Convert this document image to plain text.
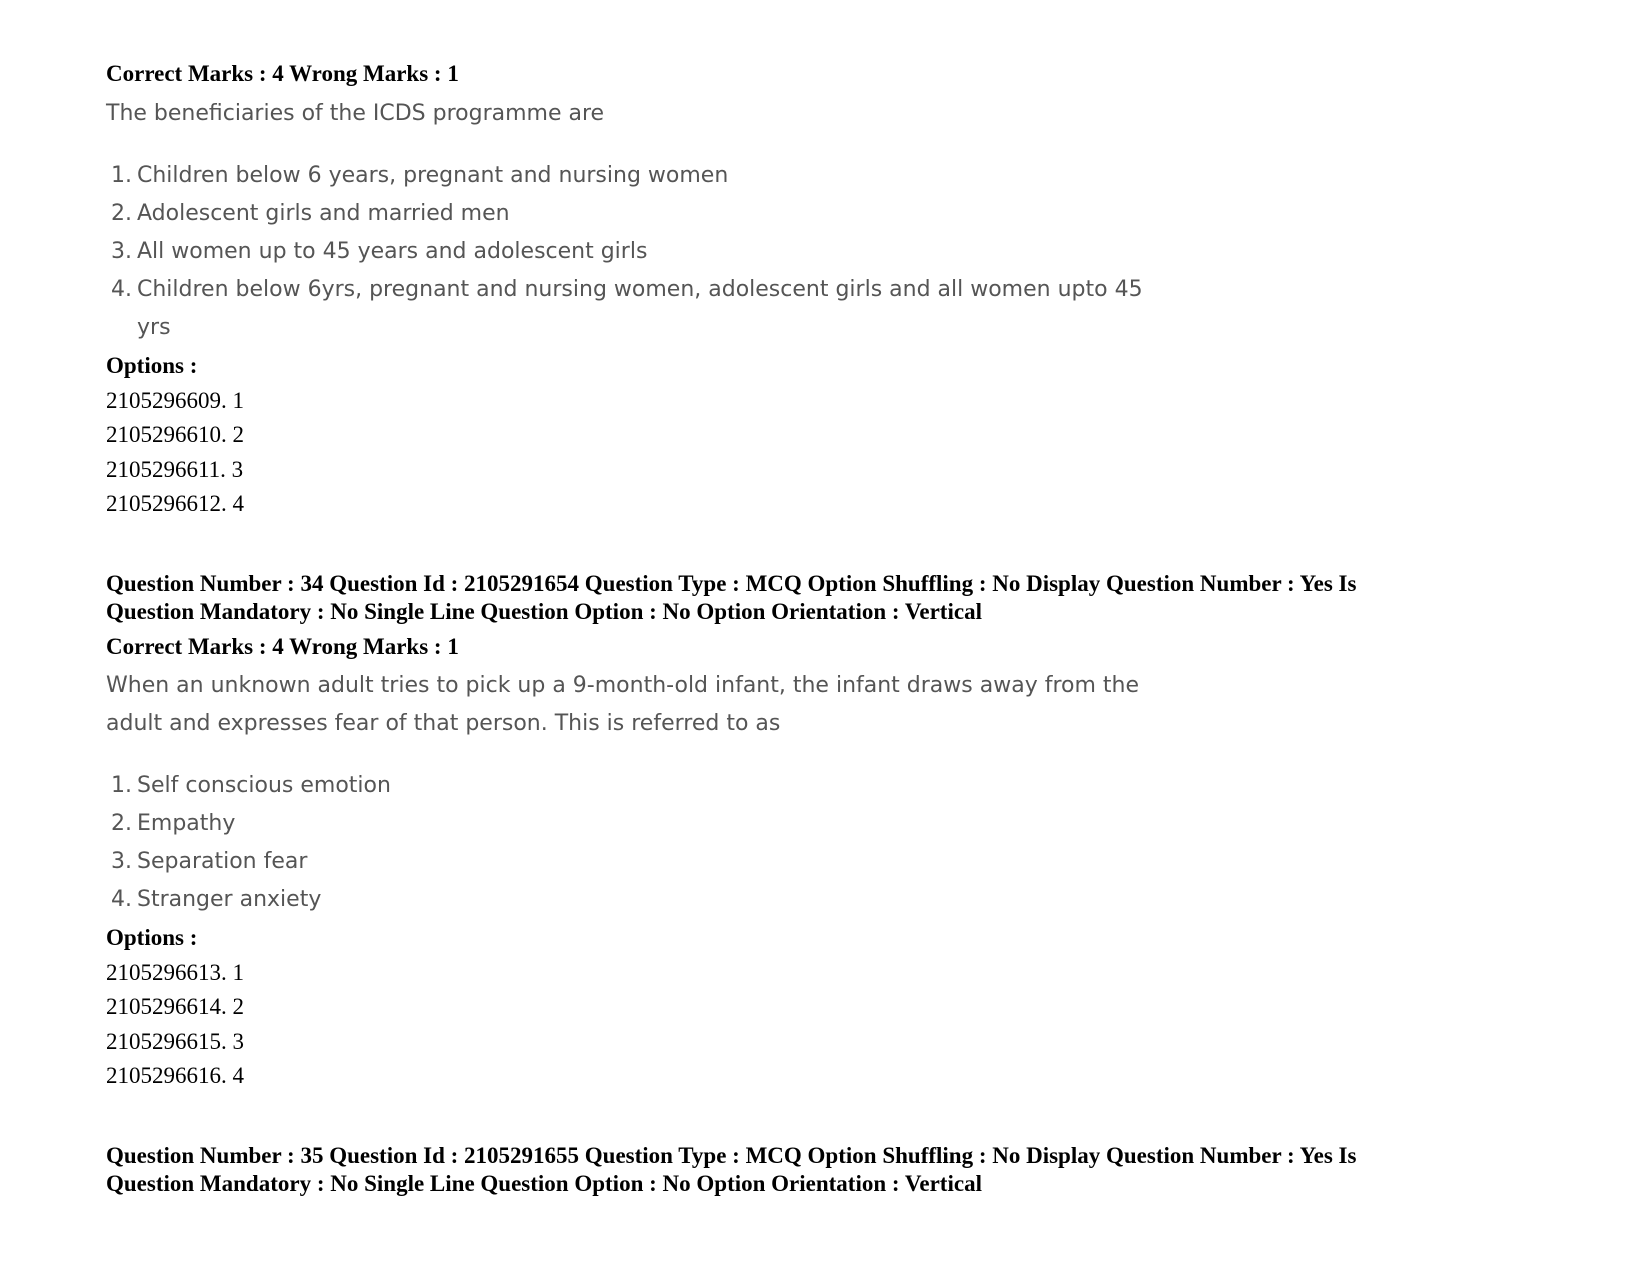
Correct Marks : 4 Wrong Marks : 1
The beneficiaries of the ICDS programme are
1. Children below 6 years, pregnant and nursing women
2. Adolescent girls and married men
3. All women up to 45 years and adolescent girls
4. Children below 6yrs, pregnant and nursing women, adolescent girls and all women upto 45
yrs
Options :
2105296609. 1
2105296610. 2
2105296611. 3
2105296612. 4
Question Number : 34 Question Id : 2105291654 Question Type : MCQ Option Shuffling : No Display Question Number : Yes Is
Question Mandatory : No Single Line Question Option : No Option Orientation : Vertical
Correct Marks : 4 Wrong Marks : 1
When an unknown adult tries to pick up a 9-month-old infant, the infant draws away from the
adult and expresses fear of that person. This is referred to as
1. Self conscious emotion
2. Empathy
3. Separation fear
4. Stranger anxiety
Options :
2105296613. 1
2105296614. 2
2105296615. 3
2105296616. 4
Question Number : 35 Question Id : 2105291655 Question Type : MCQ Option Shuffling : No Display Question Number : Yes Is
Question Mandatory : No Single Line Question Option : No Option Orientation : Vertical
